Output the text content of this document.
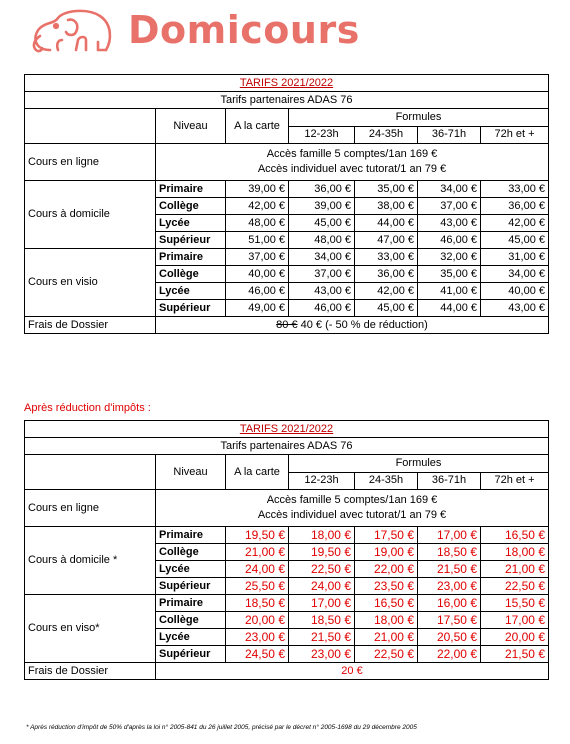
Domicours
TARIFS 2021/2022						
Tarifs partenaires ADAS 76						
	Niveau	A la carte	Formules			
			12-23h	24-35h	36-71h	72h et +
Cours en ligne	Accès famille 5 comptes/1an 169 €
Accès individuel avec tutorat/1 an 79 €					

Cours à domicile	Primaire	39,00 €	36,00 €	35,00 €	34,00 €	33,00 €
	Collège	42,00 €	39,00 €	38,00 €	37,00 €	36,00 €
	Lycée	48,00 €	45,00 €	44,00 €	43,00 €	42,00 €
	Supérieur	51,00 €	48,00 €	47,00 €	46,00 €	45,00 €
Cours en visio	Primaire	37,00 €	34,00 €	33,00 €	32,00 €	31,00 €
	Collège	40,00 €	37,00 €	36,00 €	35,00 €	34,00 €
	Lycée	46,00 €	43,00 €	42,00 €	41,00 €	40,00 €
	Supérieur	49,00 €	46,00 €	45,00 €	44,00 €	43,00 €
Frais de Dossier	80 € 40 € (- 50 % de réduction)					
Après réduction d'impôts :
TARIFS 2021/2022						
Tarifs partenaires ADAS 76						
	Niveau	A la carte	Formules			
			12-23h	24-35h	36-71h	72h et +
Cours en ligne	Accès famille 5 comptes/1an 169 €
Accès individuel avec tutorat/1 an 79 €					

Cours à domicile *	Primaire	19,50 €	18,00 €	17,50 €	17,00 €	16,50 €
	Collège	21,00 €	19,50 €	19,00 €	18,50 €	18,00 €
	Lycée	24,00 €	22,50 €	22,00 €	21,50 €	21,00 €
	Supérieur	25,50 €	24,00 €	23,50 €	23,00 €	22,50 €
Cours en viso*	Primaire	18,50 €	17,00 €	16,50 €	16,00 €	15,50 €
	Collège	20,00 €	18,50 €	18,00 €	17,50 €	17,00 €
	Lycée	23,00 €	21,50 €	21,00 €	20,50 €	20,00 €
	Supérieur	24,50 €	23,00 €	22,50 €	22,00 €	21,50 €
Frais de Dossier	20 €					
* Après réduction d'impôt de 50% d'après la loi n° 2005-841 du 26 juillet 2005, précisé par le décret n° 2005-1698 du 29 décembre 2005
